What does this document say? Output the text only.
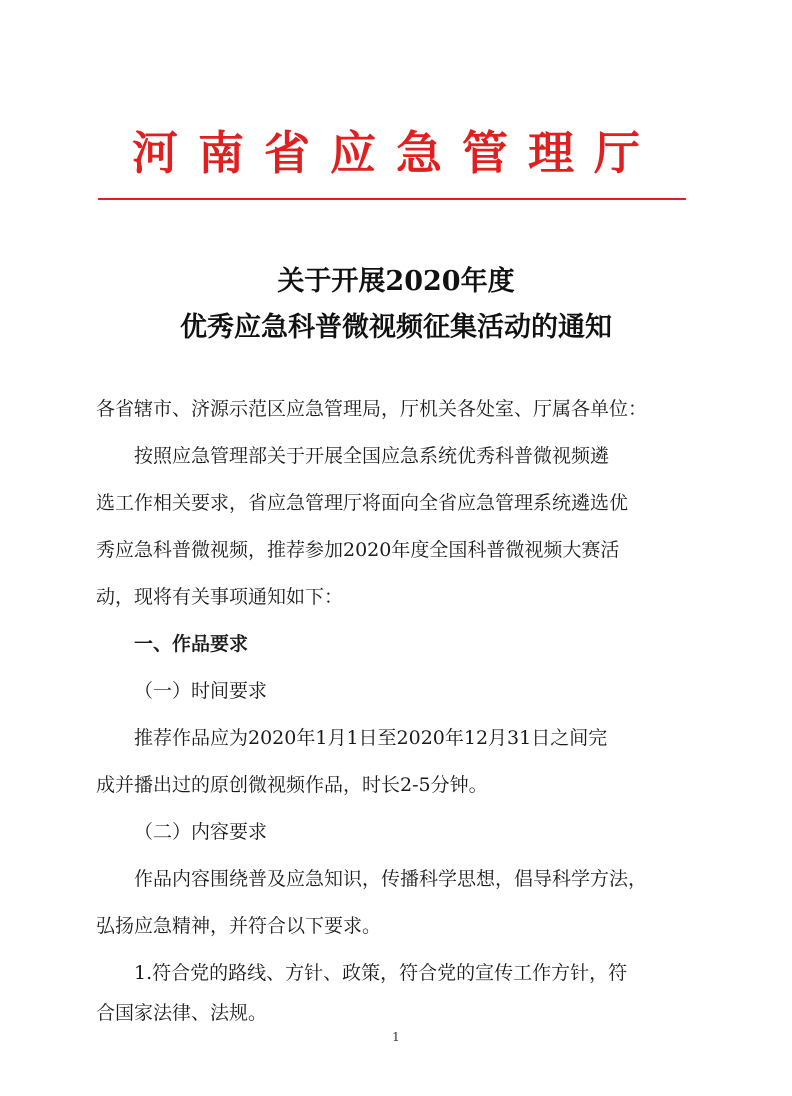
河南省应急管理厅
关于开展2020年度
优秀应急科普微视频征集活动的通知
各省辖市、济源示范区应急管理局，厅机关各处室、厅属各单位：
按照应急管理部关于开展全国应急系统优秀科普微视频遴
选工作相关要求，省应急管理厅将面向全省应急管理系统遴选优
秀应急科普微视频，推荐参加2020年度全国科普微视频大赛活
动，现将有关事项通知如下：
一、作品要求
（一）时间要求
推荐作品应为2020年1月1日至2020年12月31日之间完
成并播出过的原创微视频作品，时长2-5分钟。
（二）内容要求
作品内容围绕普及应急知识，传播科学思想，倡导科学方法，
弘扬应急精神，并符合以下要求。
1.符合党的路线、方针、政策，符合党的宣传工作方针，符
合国家法律、法规。
1
